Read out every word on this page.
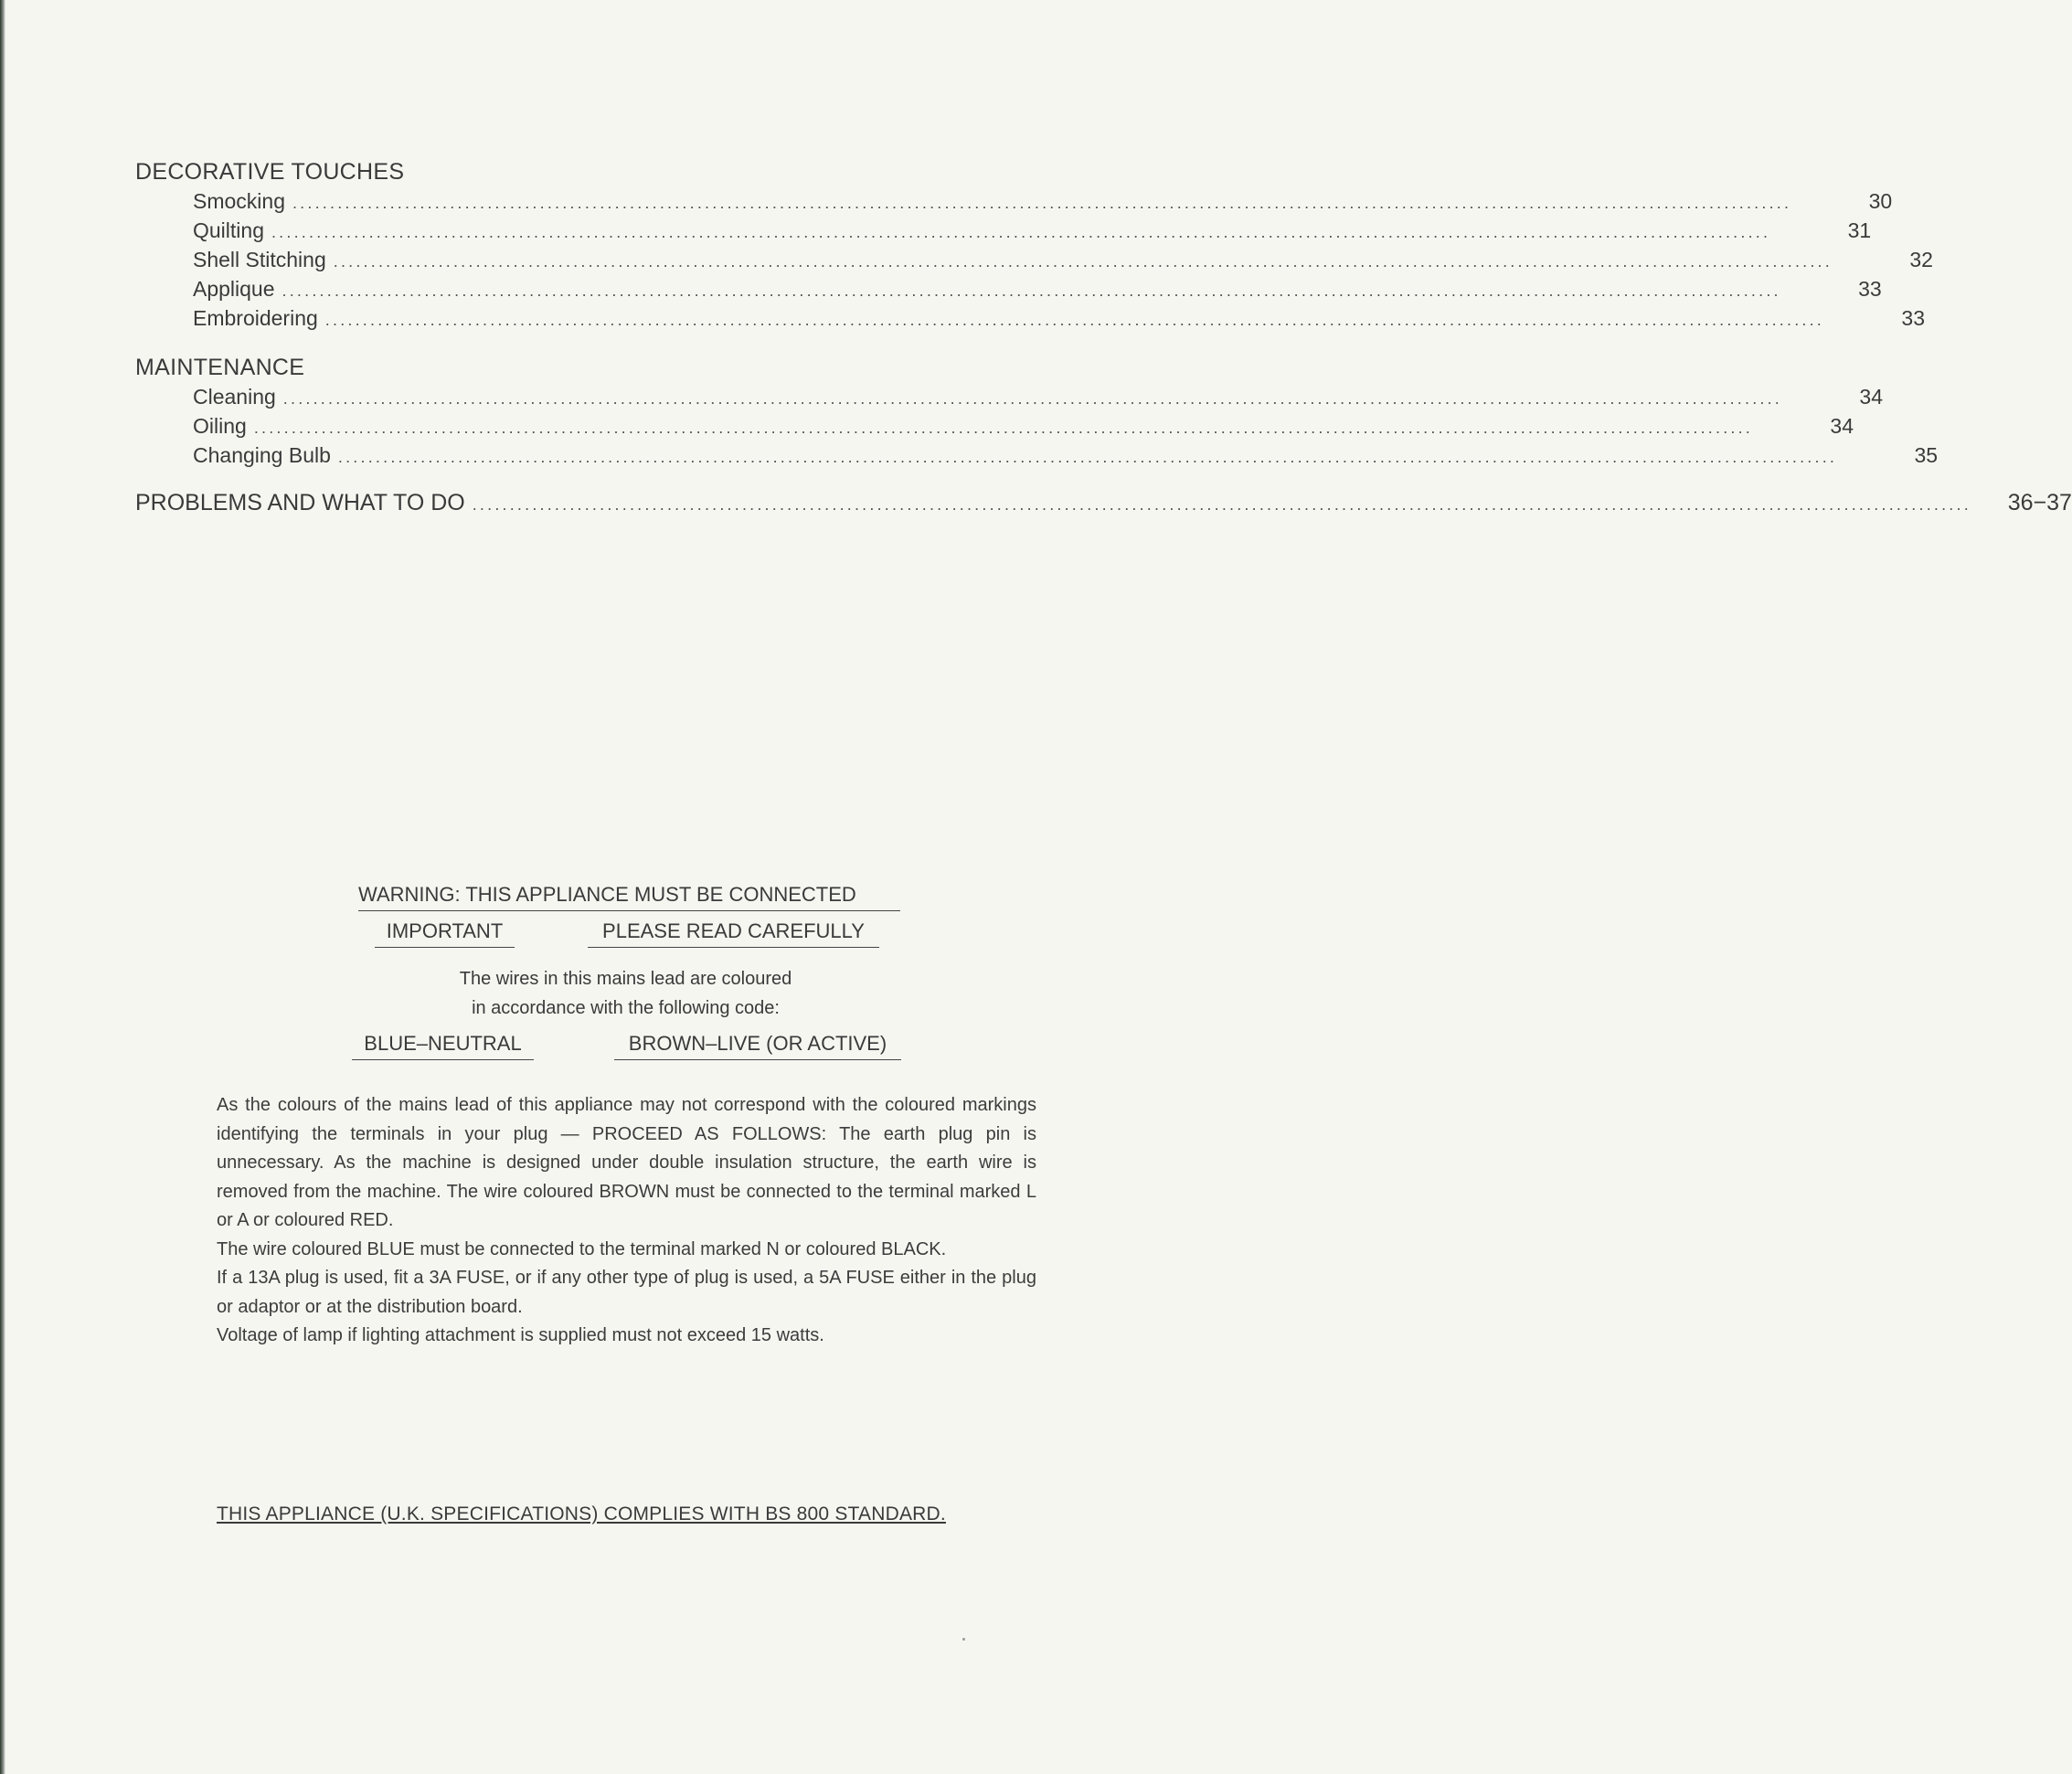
DECORATIVE TOUCHES
Smocking ........................................................................................................................................................................................................	30
Quilting ........................................................................................................................................................................................................	31
Shell Stitching ........................................................................................................................................................................................................	32
Applique ........................................................................................................................................................................................................	33
Embroidering ........................................................................................................................................................................................................	33
MAINTENANCE
Cleaning ........................................................................................................................................................................................................	34
Oiling ........................................................................................................................................................................................................	34
Changing Bulb ........................................................................................................................................................................................................	35
PROBLEMS AND WHAT TO DO ........................................................................................................................................................................................................	36−37
WARNING: THIS APPLIANCE MUST BE CONNECTED
IMPORTANT	PLEASE READ CAREFULLY
The wires in this mains lead are coloured
in accordance with the following code:
BLUE–NEUTRAL	BROWN–LIVE (OR ACTIVE)

As the colours of the mains lead of this appliance may not correspond with the coloured markings identifying the terminals in your plug — PROCEED AS FOLLOWS: The earth plug pin is unnecessary. As the machine is designed under double insulation structure, the earth wire is removed from the machine. The wire coloured BROWN must be connected to the terminal marked L or A or coloured RED.

The wire coloured BLUE must be connected to the terminal marked N or coloured BLACK.

If a 13A plug is used, fit a 3A FUSE, or if any other type of plug is used, a 5A FUSE either in the plug or adaptor or at the distribution board.

Voltage of lamp if lighting attachment is supplied must not exceed 15 watts.

THIS APPLIANCE (U.K. SPECIFICATIONS) COMPLIES WITH BS 800 STANDARD.
